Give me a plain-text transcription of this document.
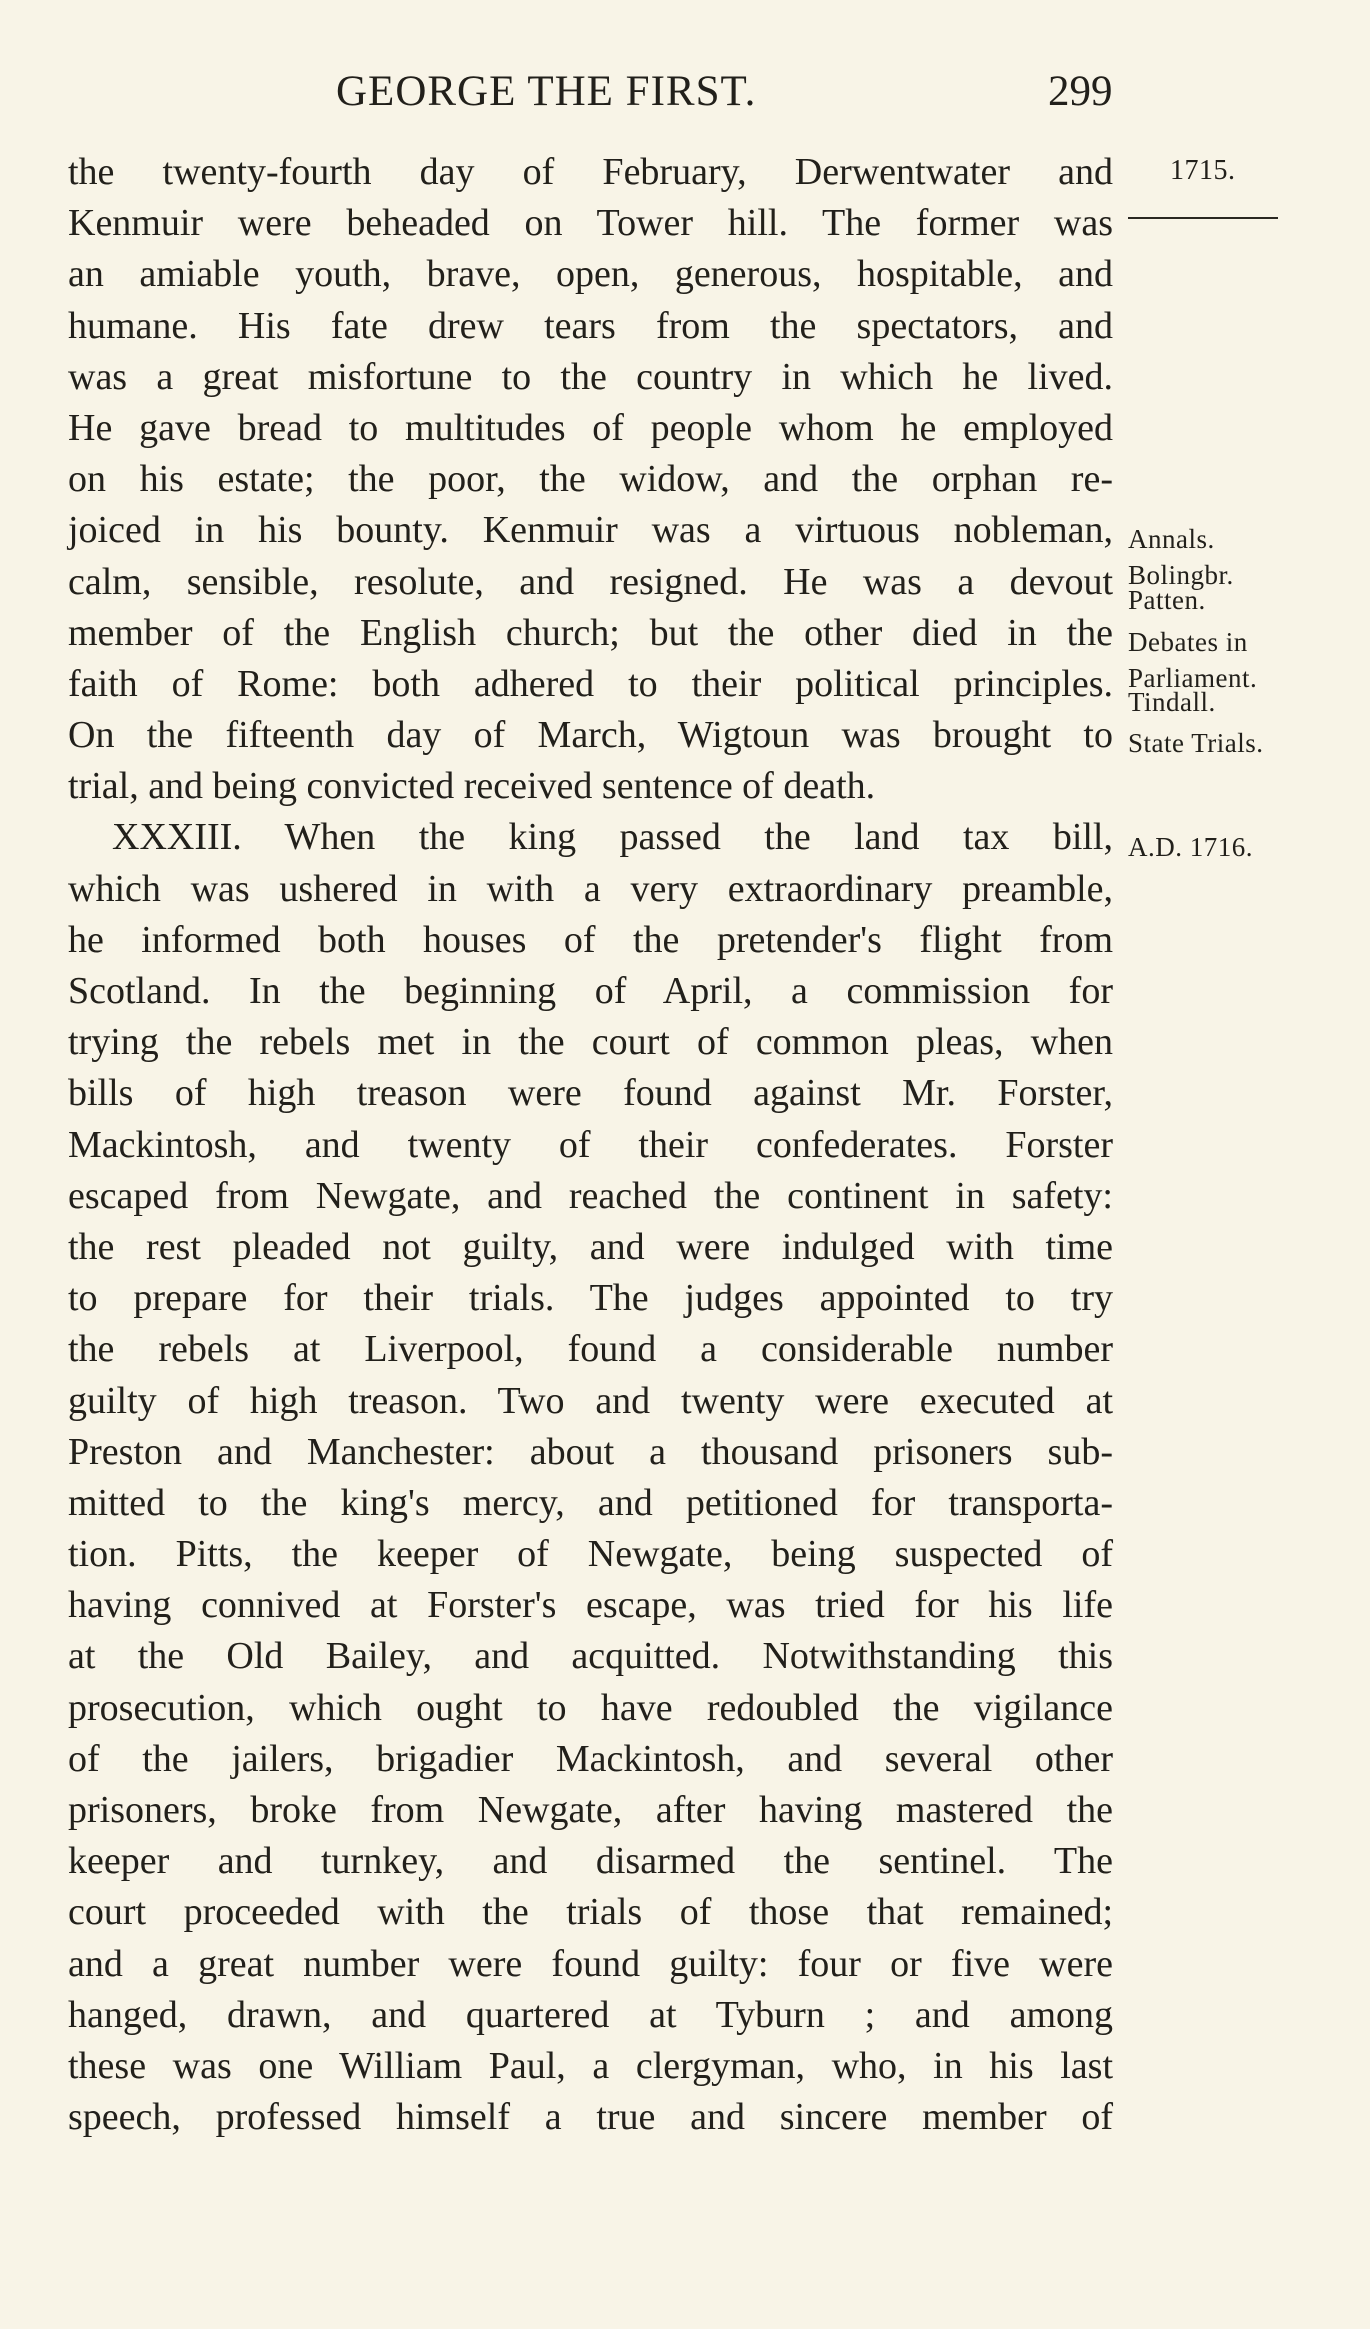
GEORGE THE FIRST.	299
the twenty-fourth day of February, Derwentwater and
Kenmuir were beheaded on Tower hill. The former was
an amiable youth, brave, open, generous, hospitable, and
humane. His fate drew tears from the spectators, and
was a great misfortune to the country in which he lived.
He gave bread to multitudes of people whom he employed
on his estate; the poor, the widow, and the orphan re-
joiced in his bounty. Kenmuir was a virtuous nobleman,
calm, sensible, resolute, and resigned. He was a devout
member of the English church; but the other died in the
faith of Rome: both adhered to their political principles.
On the fifteenth day of March, Wigtoun was brought to
trial, and being convicted received sentence of death.
XXXIII. When the king passed the land tax bill,
which was ushered in with a very extraordinary preamble,
he informed both houses of the pretender's flight from
Scotland. In the beginning of April, a commission for
trying the rebels met in the court of common pleas, when
bills of high treason were found against Mr. Forster,
Mackintosh, and twenty of their confederates. Forster
escaped from Newgate, and reached the continent in safety:
the rest pleaded not guilty, and were indulged with time
to prepare for their trials. The judges appointed to try
the rebels at Liverpool, found a considerable number
guilty of high treason. Two and twenty were executed at
Preston and Manchester: about a thousand prisoners sub-
mitted to the king's mercy, and petitioned for transporta-
tion. Pitts, the keeper of Newgate, being suspected of
having connived at Forster's escape, was tried for his life
at the Old Bailey, and acquitted. Notwithstanding this
prosecution, which ought to have redoubled the vigilance
of the jailers, brigadier Mackintosh, and several other
prisoners, broke from Newgate, after having mastered the
keeper and turnkey, and disarmed the sentinel. The
court proceeded with the trials of those that remained;
and a great number were found guilty: four or five were
hanged, drawn, and quartered at Tyburn ; and among
these was one William Paul, a clergyman, who, in his last
speech, professed himself a true and sincere member of
1715.
Annals.
Bolingbr.
Patten.
Debates in
Parliament.
Tindall.
State Trials.
A.D. 1716.
